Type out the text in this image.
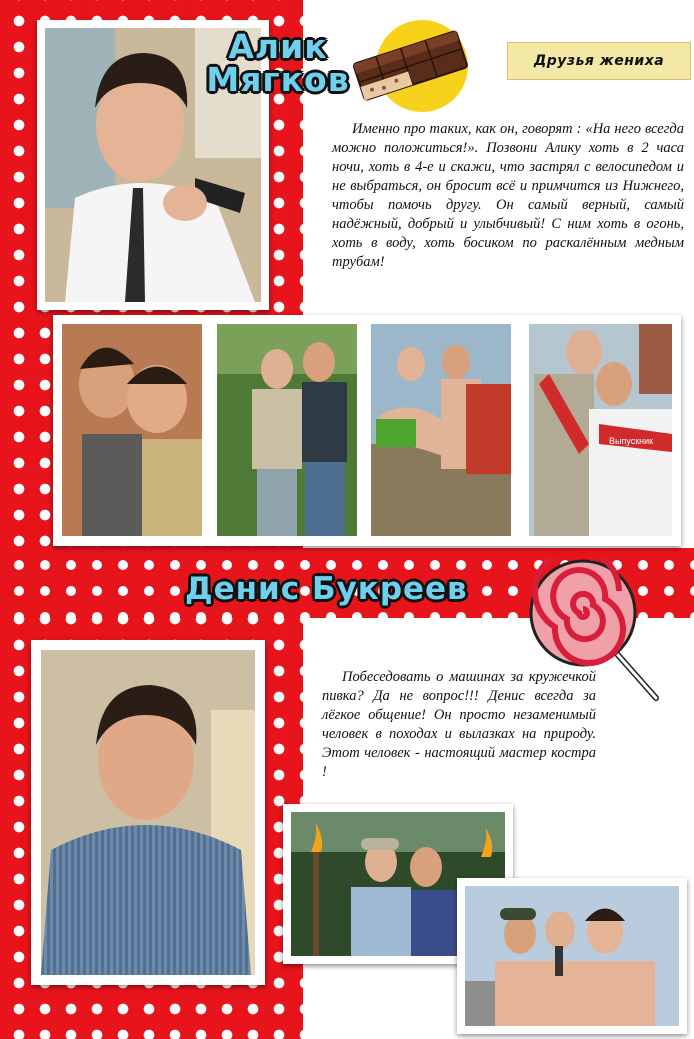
Друзья жениха
Алик
Мягков

Именно про таких, как он, говорят : «На него всегда можно положиться!». Позвони Алику хоть в 2 часа ночи, хоть в 4-е и скажи, что застрял с велосипедом и не выбраться, он бросит всё и примчится из Нижнего, чтобы помочь другу. Он самый верный, самый надёжный, добрый и улыбчивый! С ним хоть в огонь, хоть в воду, хоть босиком по раскалённым медным трубам!

Выпускник
Денис Букреев

Побеседовать о машинах за кружечкой пивка? Да не вопрос!!! Денис всегда за лёгкое общение! Он просто незаменимый человек в походах и вылазках на природу. Этот человек - настоящий мастер костра !
